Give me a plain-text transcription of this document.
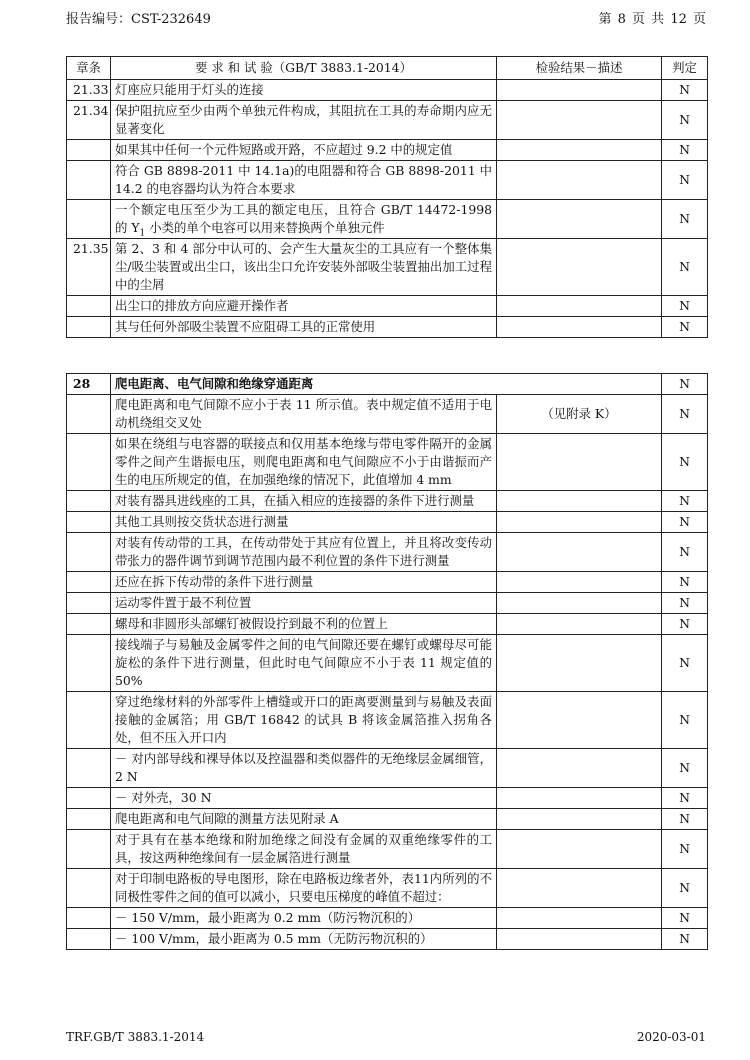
报告编号：CST-232649	第 8 页 共 12 页
章条	要 求 和 试 验（GB/T 3883.1-2014）	检验结果－描述	判定
21.33	灯座应只能用于灯头的连接		N
21.34	保护阻抗应至少由两个单独元件构成，其阻抗在工具的寿命期内应无显著变化		N
	如果其中任何一个元件短路或开路，不应超过 9.2 中的规定值		N
	符合 GB 8898-2011 中 14.1a)的电阻器和符合 GB 8898-2011 中 14.2 的电容器均认为符合本要求		N
	一个额定电压至少为工具的额定电压，且符合 GB/T 14472-1998 的 $Y_1$ 小类的单个电容可以用来替换两个单独元件		N
21.35	第 2、3 和 4 部分中认可的、会产生大量灰尘的工具应有一个整体集尘/吸尘装置或出尘口，该出尘口允许安装外部吸尘装置抽出加工过程中的尘屑		N
	出尘口的排放方向应避开操作者		N
	其与任何外部吸尘装置不应阻碍工具的正常使用		N
28	爬电距离、电气间隙和绝缘穿通距离		N
	爬电距离和电气间隙不应小于表 11 所示值。表中规定值不适用于电动机绕组交叉处	（见附录 K）	N
	如果在绕组与电容器的联接点和仅用基本绝缘与带电零件隔开的金属零件之间产生谐振电压，则爬电距离和电气间隙应不小于由谐振而产生的电压所规定的值，在加强绝缘的情况下，此值增加 4 mm		N
	对装有器具进线座的工具，在插入相应的连接器的条件下进行测量		N
	其他工具则按交货状态进行测量		N
	对装有传动带的工具，在传动带处于其应有位置上，并且将改变传动带张力的器件调节到调节范围内最不利位置的条件下进行测量		N
	还应在拆下传动带的条件下进行测量		N
	运动零件置于最不利位置		N
	螺母和非圆形头部螺钉被假设拧到最不利的位置上		N
	接线端子与易触及金属零件之间的电气间隙还要在螺钉或螺母尽可能旋松的条件下进行测量，但此时电气间隙应不小于表 11 规定值的 50%		N
	穿过绝缘材料的外部零件上槽缝或开口的距离要测量到与易触及表面接触的金属箔；用 GB/T 16842 的试具 B 将该金属箔推入拐角各处，但不压入开口内		N
	－ 对内部导线和裸导体以及控温器和类似器件的无绝缘层金属细管，2 N		N
	－ 对外壳，30 N		N
	爬电距离和电气间隙的测量方法见附录 A		N
	对于具有在基本绝缘和附加绝缘之间没有金属的双重绝缘零件的工具，按这两种绝缘间有一层金属箔进行测量		N
	对于印制电路板的导电图形，除在电路板边缘者外，表11内所列的不同极性零件之间的值可以减小，只要电压梯度的峰值不超过：		N
	－ 150 V/mm，最小距离为 0.2 mm（防污物沉积的）		N
	－ 100 V/mm，最小距离为 0.5 mm（无防污物沉积的）		N
TRF.GB/T 3883.1-2014	2020-03-01
